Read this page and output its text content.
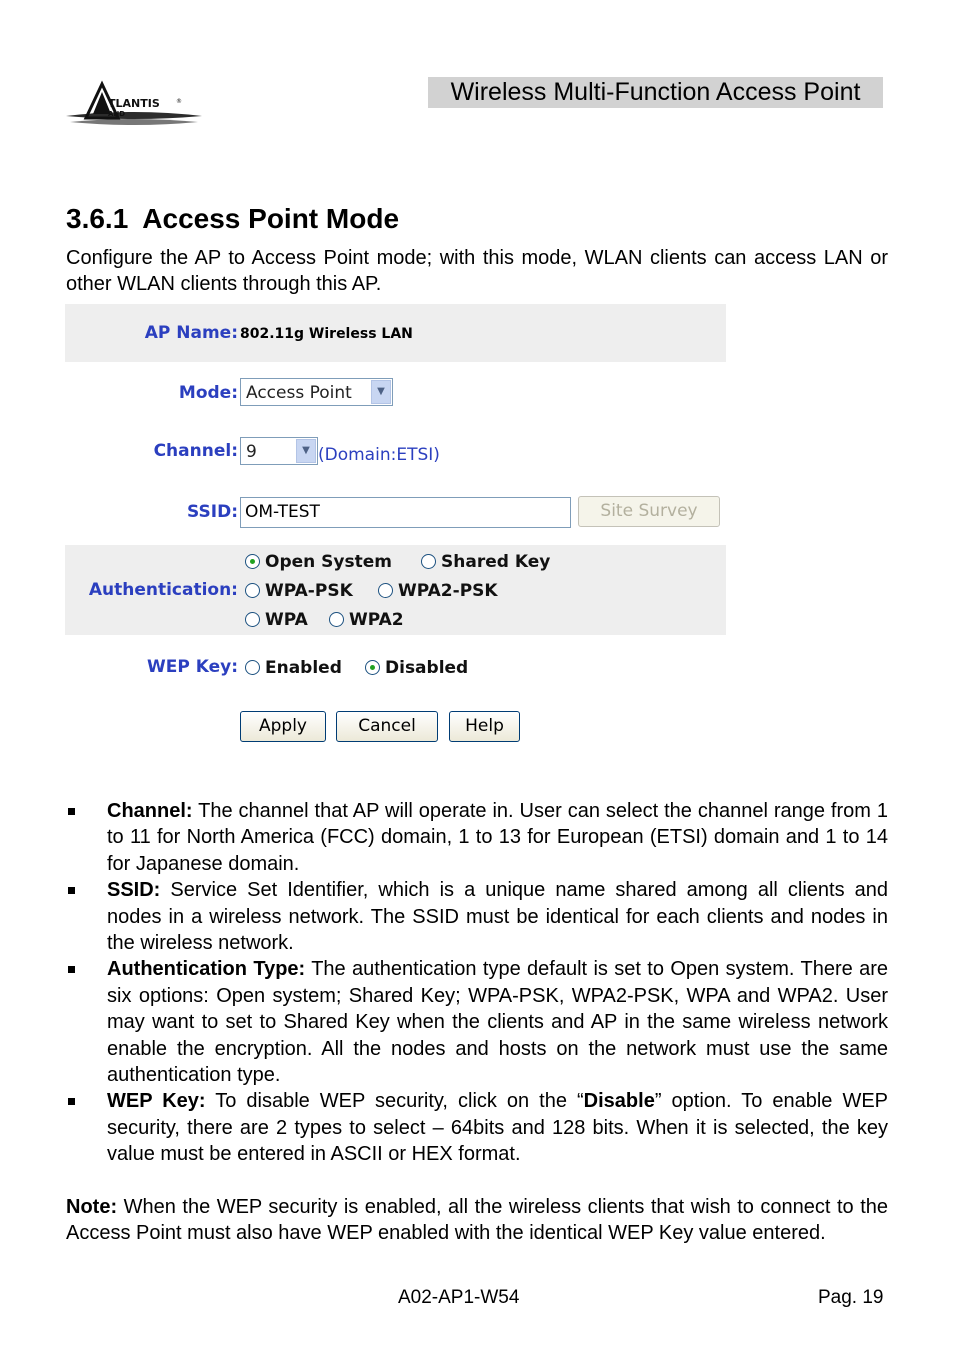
TLANTIS
AND
®	Wireless Multi-Function Access Point
3.6.1 Access Point Mode
Configure the AP to Access Point mode; with this mode, WLAN clients can access LAN or other WLAN clients through this AP.
AP Name: 802.11g Wireless LAN
Mode: Access Point	▼
Channel: 9	▼ (Domain:ETSI)
SSID: OM-TEST	Site Survey
Authentication:
Open System	Shared Key
WPA-PSK	WPA2-PSK
WPA	WPA2
WEP Key:	Enabled	Disabled
Apply	Cancel	Help
Channel: The channel that AP will operate in. User can select the channel range from 1 to 11 for North America (FCC) domain, 1 to 13 for European (ETSI) domain and 1 to 14 for Japanese domain.
SSID: Service Set Identifier, which is a unique name shared among all clients and nodes in a wireless network. The SSID must be identical for each clients and nodes in the wireless network.
Authentication Type: The authentication type default is set to Open system. There are six options: Open system; Shared Key; WPA-PSK, WPA2-PSK, WPA and WPA2. User may want to set to Shared Key when the clients and AP in the same wireless network enable the encryption. All the nodes and hosts on the network must use the same authentication type.
WEP Key: To disable WEP security, click on the “Disable” option. To enable WEP security, there are 2 types to select – 64bits and 128 bits. When it is selected, the key value must be entered in ASCII or HEX format.
Note: When the WEP security is enabled, all the wireless clients that wish to connect to the Access Point must also have WEP enabled with the identical WEP Key value entered.
A02-AP1-W54	Pag. 19
